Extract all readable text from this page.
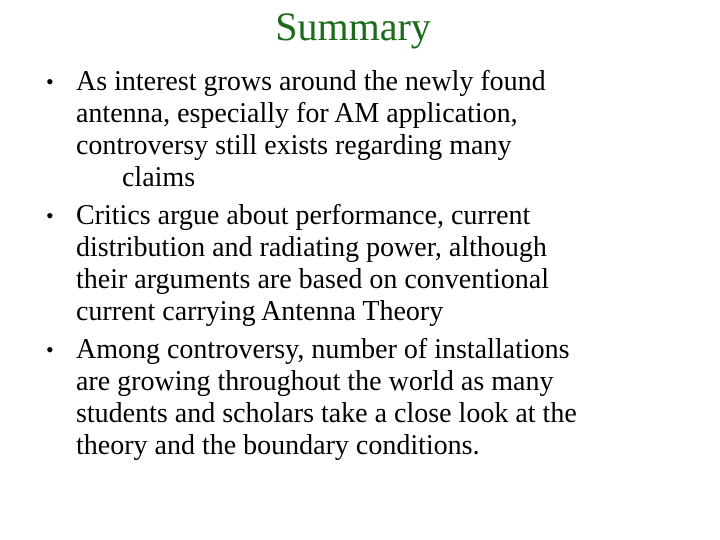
Summary
• As interest grows around the newly found
antenna, especially for AM application,
controversy still exists regarding many
claims
• Critics argue about performance, current
distribution and radiating power, although
their arguments are based on conventional
current carrying Antenna Theory
• Among controversy, number of installations
are growing throughout the world as many
students and scholars take a close look at the
theory and the boundary conditions.
